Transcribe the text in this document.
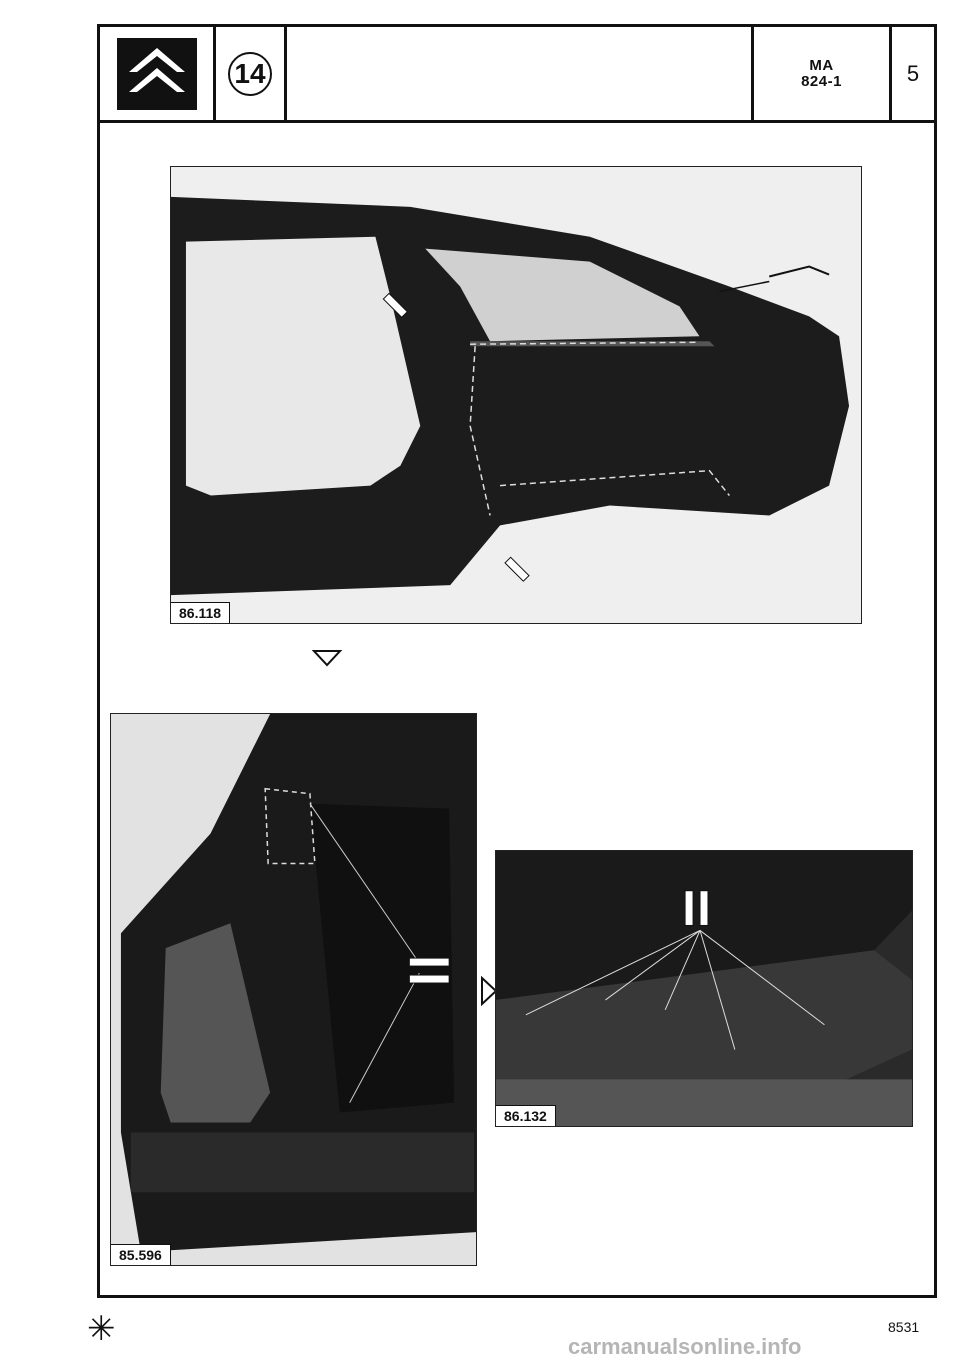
14	MA
824-1	5
86.118
85.596
86.132
✳	8531
carmanualsonline.info
